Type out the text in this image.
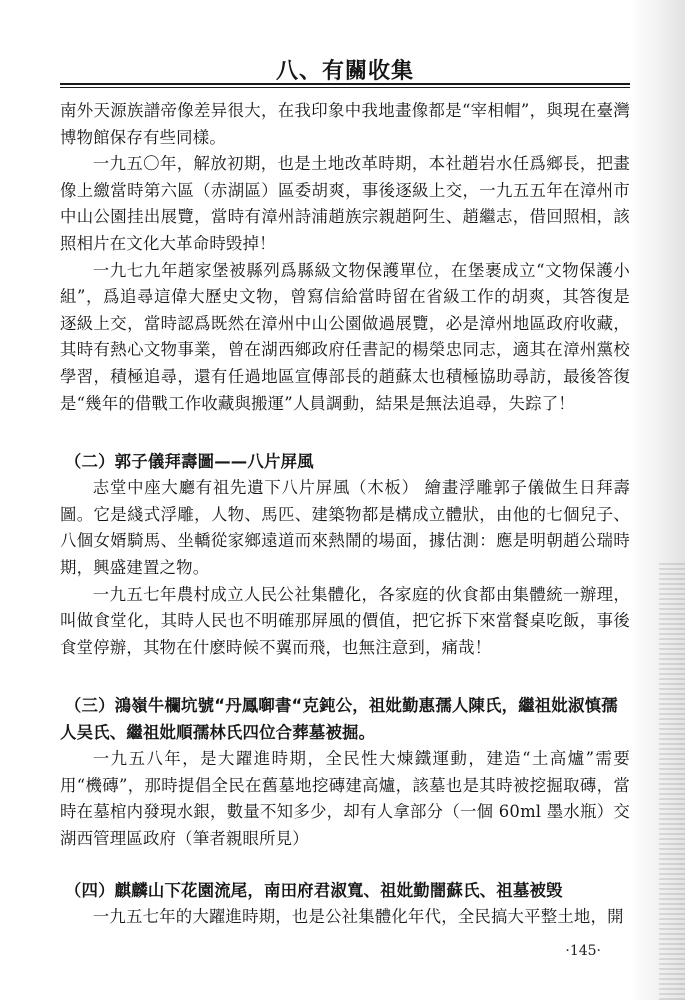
八、有關收集

南外天源族譜帝像差异很大，在我印象中我地畫像都是“宰相帽”，與現在臺灣博物館保存有些同樣。

一九五〇年，解放初期，也是土地改革時期，本社趙岩水任爲鄉長，把畫像上繳當時第六區（赤湖區）區委胡爽，事後逐級上交，一九五五年在漳州市中山公園挂出展覽，當時有漳州詩浦趙族宗親趙阿生、趙繼志，借回照相，該照相片在文化大革命時毁掉！

一九七九年趙家堡被縣列爲縣級文物保護單位，在堡裹成立“文物保護小組”，爲追尋這偉大歷史文物，曾寫信給當時留在省級工作的胡爽，其答復是逐級上交，當時認爲既然在漳州中山公園做過展覽，必是漳州地區政府收藏，其時有熱心文物事業，曾在湖西鄉政府任書記的楊榮忠同志，適其在漳州黨校學習，積極追尋，還有任過地區宣傳部長的趙蘇太也積極協助尋訪，最後答復是“幾年的借戰工作收藏與搬運”人員調動，結果是無法追尋，失踪了！

（二）郭子儀拜壽圖——八片屏風

志堂中座大廳有祖先遺下八片屏風（木板） 繪畫浮雕郭子儀做生日拜壽圖。它是綫式浮雕，人物、馬匹、建築物都是構成立體狀，由他的七個兒子、八個女婿騎馬、坐轎從家鄉遠道而來熱鬧的場面，據估測：應是明朝趙公瑞時期，興盛建置之物。

一九五七年農村成立人民公社集體化，各家庭的伙食都由集體統一辦理，叫做食堂化，其時人民也不明確那屏風的價值，把它拆下來當餐桌吃飯，事後食堂停辦，其物在什麽時候不翼而飛，也無注意到，痛哉！

（三）鴻嶺牛欄坑號“丹鳳啣書“克鈍公，祖妣勤惠孺人陳氏，繼祖妣淑慎孺人吴氏、繼祖妣順孺林氏四位合葬墓被掘。

一九五八年，是大躍進時期，全民性大煉鐵運動，建造“土高爐”需要用“機磚”，那時提倡全民在舊墓地挖磚建高爐，該墓也是其時被挖掘取磚，當時在墓棺内發現水銀，數量不知多少，却有人拿部分（一個 60ml 墨水瓶）交湖西管理區政府（筆者親眼所見）

（四）麒麟山下花園流尾，南田府君淑寬、祖妣勤闇蘇氏、祖墓被毁

一九五七年的大躍進時期，也是公社集體化年代，全民搞大平整土地，開

·145·
